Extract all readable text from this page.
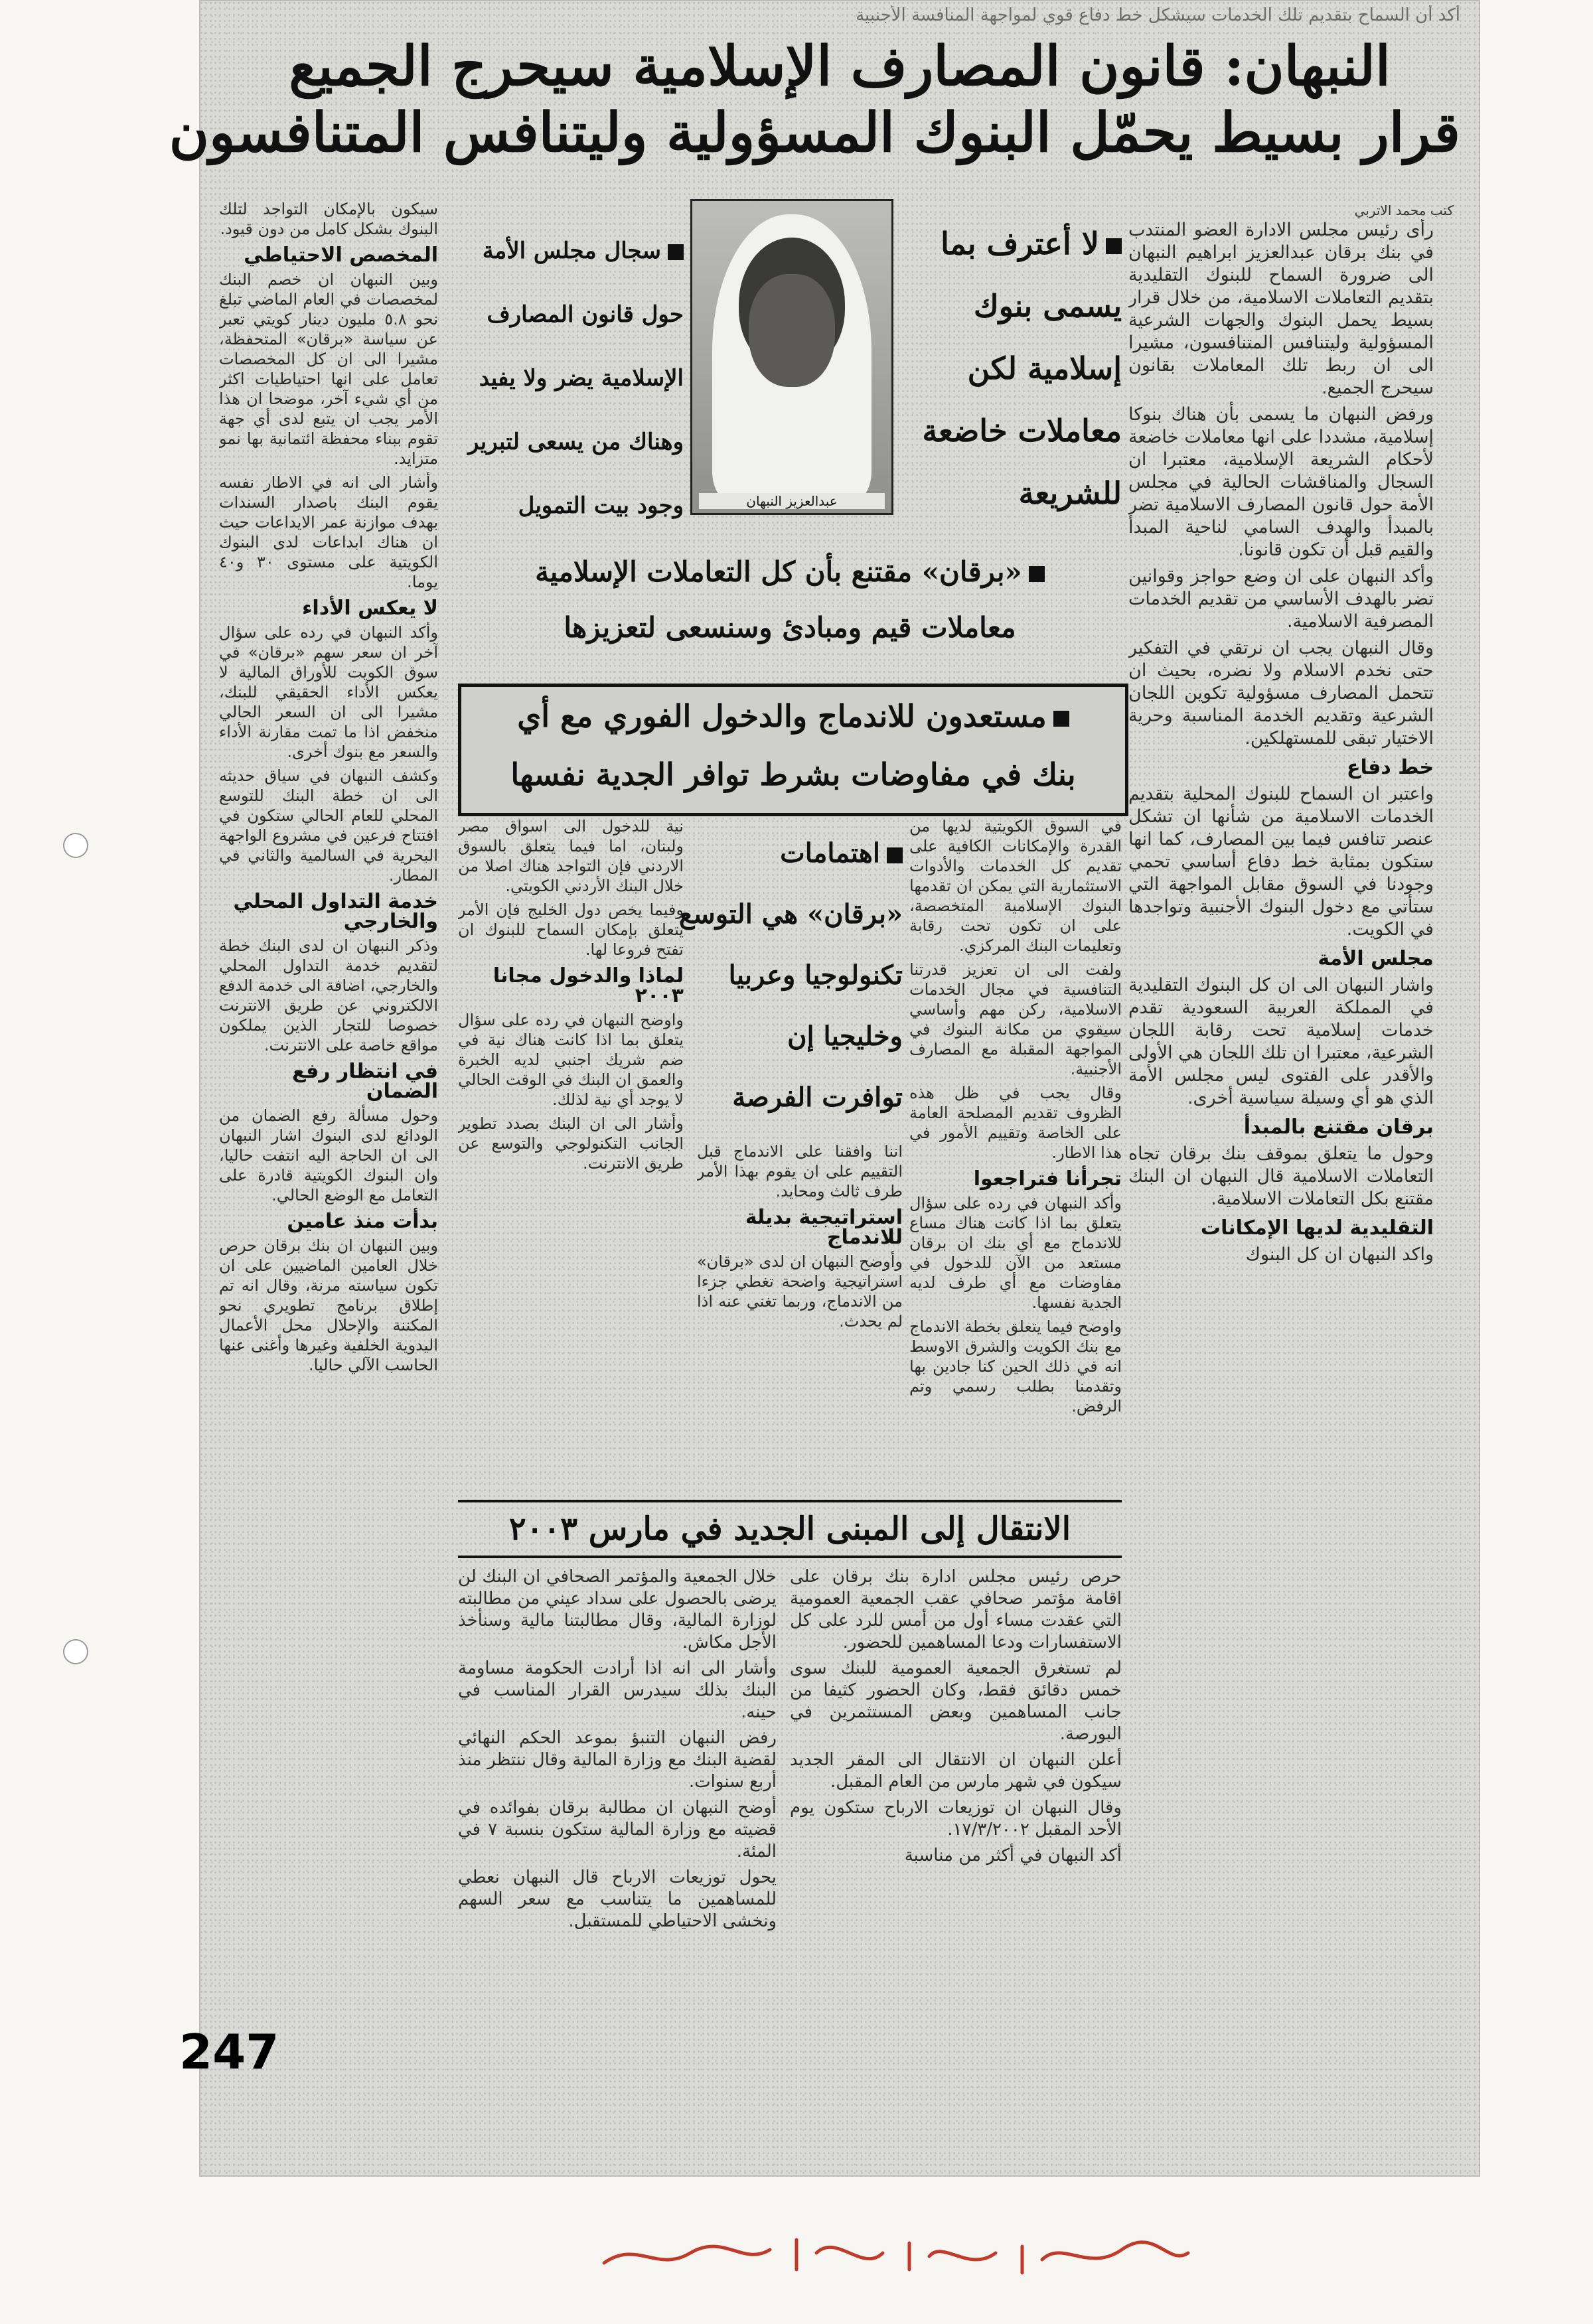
أكد أن السماح بتقديم تلك الخدمات سيشكل خط دفاع قوي لمواجهة المنافسة الأجنبية
النبهان: قانون المصارف الإسلامية سيحرج الجميع
قرار بسيط يحمّل البنوك المسؤولية وليتنافس المتنافسون
كتب محمد الاتربي

رأى رئيس مجلس الادارة العضو المنتدب في بنك برقان عبدالعزيز ابراهيم النبهان الى ضرورة السماح للبنوك التقليدية بتقديم التعاملات الاسلامية، من خلال قرار بسيط يحمل البنوك والجهات الشرعية المسؤولية وليتنافس المتنافسون، مشيرا الى ان ربط تلك المعاملات بقانون سيحرج الجميع.

ورفض النبهان ما يسمى بأن هناك بنوكا إسلامية، مشددا على انها معاملات خاضعة لأحكام الشريعة الإسلامية، معتبرا ان السجال والمناقشات الحالية في مجلس الأمة حول قانون المصارف الاسلامية تضر بالمبدأ والهدف السامي لناحية المبدأ والقيم قبل أن تكون قانونا.

وأكد النبهان على ان وضع حواجز وقوانين تضر بالهدف الأساسي من تقديم الخدمات المصرفية الاسلامية.

وقال النبهان يجب ان نرتقي في التفكير حتى نخدم الاسلام ولا نضره، بحيث ان تتحمل المصارف مسؤولية تكوين اللجان الشرعية وتقديم الخدمة المناسبة وحرية الاختيار تبقى للمستهلكين.

خط دفاع

واعتبر ان السماح للبنوك المحلية بتقديم الخدمات الاسلامية من شأنها ان تشكل عنصر تنافس فيما بين المصارف، كما انها ستكون بمثابة خط دفاع أساسي تحمي وجودنا في السوق مقابل المواجهة التي ستأتي مع دخول البنوك الأجنبية وتواجدها في الكويت.

مجلس الأمة

واشار النبهان الى ان كل البنوك التقليدية في المملكة العربية السعودية تقدم خدمات إسلامية تحت رقابة اللجان الشرعية، معتبرا ان تلك اللجان هي الأولى والأقدر على الفتوى ليس مجلس الأمة الذي هو أي وسيلة سياسية أخرى.

برقان مقتنع بالمبدأ

وحول ما يتعلق بموقف بنك برقان تجاه التعاملات الاسلامية قال النبهان ان البنك مقتنع بكل التعاملات الاسلامية.

التقليدية لديها الإمكانات

واكد النبهان ان كل البنوك

لا أعترف بما
يسمى بنوك
إسلامية لكن
معاملات خاضعة
للشريعة
عبدالعزيز النبهان
سجال مجلس الأمة
حول قانون المصارف
الإسلامية يضر ولا يفيد
وهناك من يسعى لتبرير
وجود بيت التمويل
«برقان» مقتنع بأن كل التعاملات الإسلامية
معاملات قيم ومبادئ وسنسعى لتعزيزها

سيكون بالإمكان التواجد لتلك البنوك بشكل كامل من دون قيود.

المخصص الاحتياطي

وبين النبهان ان خصم البنك لمخصصات في العام الماضي تبلغ نحو ٥.٨ مليون دينار كويتي تعبر عن سياسة «برقان» المتحفظة، مشيرا الى ان كل المخصصات تعامل على انها احتياطيات اكثر من أي شيء آخر، موضحا ان هذا الأمر يجب ان يتبع لدى أي جهة تقوم ببناء محفظة ائتمانية بها نمو متزايد.

وأشار الى انه في الاطار نفسه يقوم البنك باصدار السندات بهدف موازنة عمر الايداعات حيث ان هناك ابداعات لدى البنوك الكويتية على مستوى ٣٠ و٤٠ يوما.

لا يعكس الأداء

وأكد النبهان في رده على سؤال آخر ان سعر سهم «برقان» في سوق الكويت للأوراق المالية لا يعكس الأداء الحقيقي للبنك، مشيرا الى ان السعر الحالي منخفض اذا ما تمت مقارنة الأداء والسعر مع بنوك أخرى.

وكشف النبهان في سياق حديثه الى ان خطة البنك للتوسع المحلي للعام الحالي ستكون في افتتاح فرعين في مشروع الواجهة البحرية في السالمية والثاني في المطار.

خدمة التداول المحلي والخارجي

وذكر النبهان ان لدى البنك خطة لتقديم خدمة التداول المحلي والخارجي، اضافة الى خدمة الدفع الالكتروني عن طريق الانترنت خصوصا للتجار الذين يملكون مواقع خاصة على الانترنت.

في انتظار رفع الضمان

وحول مسألة رفع الضمان من الودائع لدى البنوك اشار النبهان الى ان الحاجة اليه انتفت حاليا، وان البنوك الكويتية قادرة على التعامل مع الوضع الحالي.

بدأت منذ عامين

وبين النبهان ان بنك برقان حرص خلال العامين الماضيين على ان تكون سياسته مرنة، وقال انه تم إطلاق برنامج تطويري نحو المكننة والإحلال محل الأعمال اليدوية الخلفية وغيرها وأغنى عنها الحاسب الآلي حاليا.

مستعدون للاندماج والدخول الفوري مع أي
بنك في مفاوضات بشرط توافر الجدية نفسها

في السوق الكويتية لديها من القدرة والإمكانات الكافية على تقديم كل الخدمات والأدوات الاستثمارية التي يمكن ان تقدمها البنوك الإسلامية المتخصصة، على ان تكون تحت رقابة وتعليمات البنك المركزي.

ولفت الى ان تعزيز قدرتنا التنافسية في مجال الخدمات الاسلامية، ركن مهم وأساسي سيقوي من مكانة البنوك في المواجهة المقبلة مع المصارف الأجنبية.

وقال يجب في ظل هذه الظروف تقديم المصلحة العامة على الخاصة وتقييم الأمور في هذا الاطار.

تجرأنا فتراجعوا

وأكد النبهان في رده على سؤال يتعلق بما اذا كانت هناك مساع للاندماج مع أي بنك ان برقان مستعد من الآن للدخول في مفاوضات مع أي طرف لديه الجدية نفسها.

واوضح فيما يتعلق بخطة الاندماج مع بنك الكويت والشرق الاوسط انه في ذلك الحين كنا جادين بها وتقدمنا بطلب رسمي وتم الرفض.

اهتمامات
«برقان» هي التوسع
تكنولوجيا وعربيا
وخليجيا إن
توافرت الفرصة

نية للدخول الى اسواق مصر ولبنان، اما فيما يتعلق بالسوق الاردني فإن التواجد هناك اصلا من خلال البنك الأردني الكويتي.

وفيما يخص دول الخليج فإن الأمر يتعلق بإمكان السماح للبنوك ان تفتح فروعا لها.

لماذا والدخول مجانا ٢٠٠٣

واوضح النبهان في رده على سؤال يتعلق بما اذا كانت هناك نية في ضم شريك اجنبي لديه الخبرة والعمق ان البنك في الوقت الحالي لا يوجد أي نية لذلك.

وأشار الى ان البنك بصدد تطوير الجانب التكنولوجي والتوسع عن طريق الانترنت.

اننا وافقنا على الاندماج قبل التقييم على ان يقوم بهذا الأمر طرف ثالث ومحايد.

استراتيجية بديلة للاندماج

وأوضح النبهان ان لدى «برقان» استراتيجية واضحة تغطي جزءا من الاندماج، وربما تغني عنه اذا لم يحدث.

الانتقال إلى المبنى الجديد في مارس ٢٠٠٣

حرص رئيس مجلس ادارة بنك برقان على اقامة مؤتمر صحافي عقب الجمعية العمومية التي عقدت مساء أول من أمس للرد على كل الاستفسارات ودعا المساهمين للحضور.

لم تستغرق الجمعية العمومية للبنك سوى خمس دقائق فقط، وكان الحضور كثيفا من جانب المساهمين وبعض المستثمرين في البورصة.

أعلن النبهان ان الانتقال الى المقر الجديد سيكون في شهر مارس من العام المقبل.

وقال النبهان ان توزيعات الارباح ستكون يوم الأحد المقبل ١٧/٣/٢٠٠٢.

أكد النبهان في أكثر من مناسبة

خلال الجمعية والمؤتمر الصحافي ان البنك لن يرضى بالحصول على سداد عيني من مطالبته لوزارة المالية، وقال مطالبتنا مالية وسنأخذ الأجل مكاش.

وأشار الى انه اذا أرادت الحكومة مساومة البنك بذلك سيدرس القرار المناسب في حينه.

رفض النبهان التنبؤ بموعد الحكم النهائي لقضية البنك مع وزارة المالية وقال ننتظر منذ أربع سنوات.

أوضح النبهان ان مطالبة برقان بفوائده في قضيته مع وزارة المالية ستكون بنسبة ٧ في المئة.

يحول توزيعات الارباح قال النبهان نعطي للمساهمين ما يتناسب مع سعر السهم ونخشى الاحتياطي للمستقبل.

247
